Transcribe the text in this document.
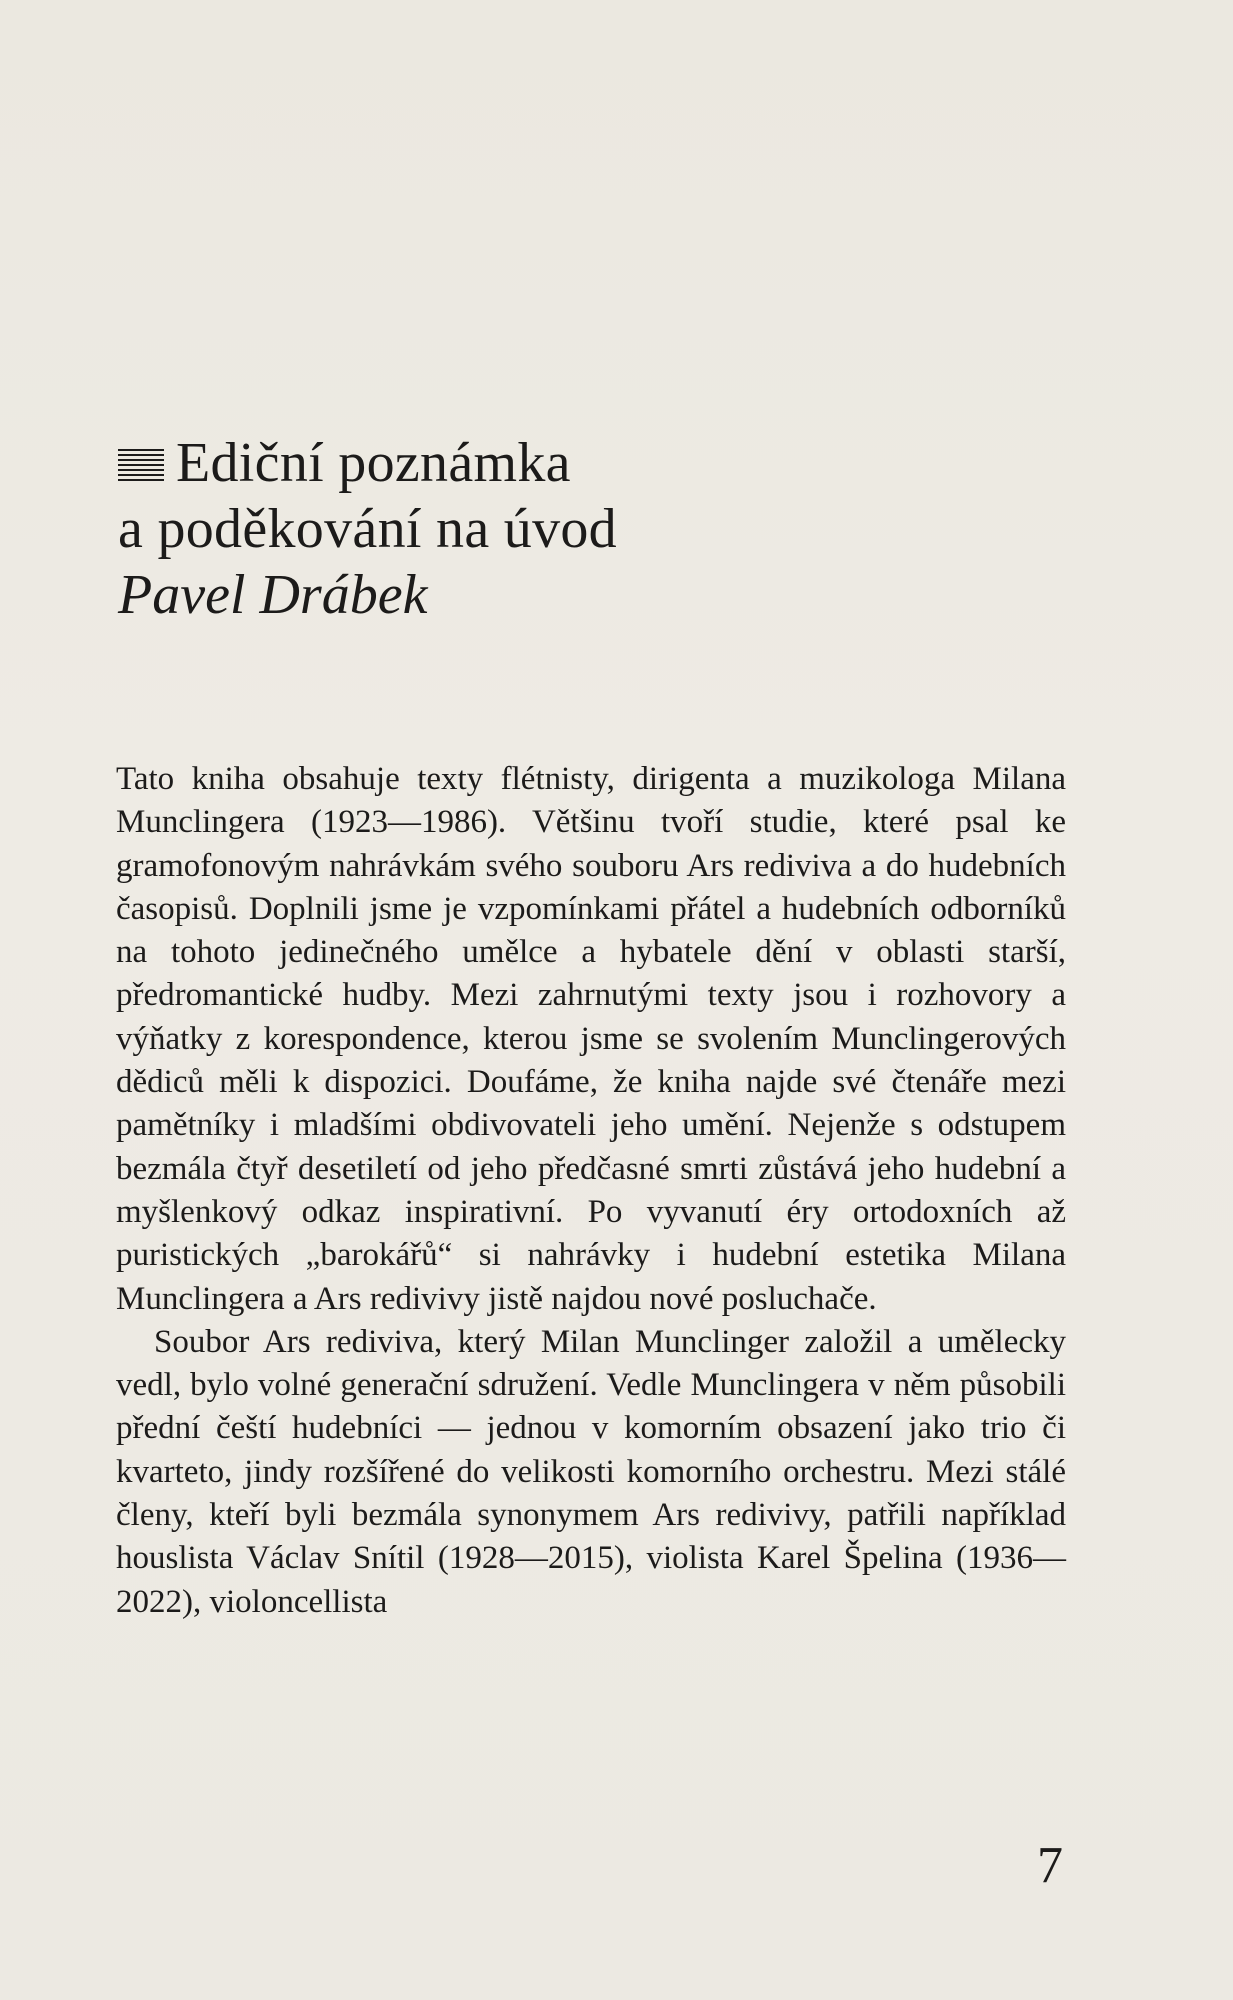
Ediční poznámka
a poděkování na úvod
Pavel Drábek

Tato kniha obsahuje texty flétnisty, dirigenta a muzikologa Milana Munclingera (1923—1986). Většinu tvoří studie, které psal ke gramofonovým nahrávkám svého souboru Ars rediviva a do hudebních časopisů. Doplnili jsme je vzpomínkami přátel a hudebních odborníků na tohoto jedinečného umělce a hybatele dění v oblasti starší, předromantické hudby. Mezi zahrnutými texty jsou i rozhovory a výňatky z korespondence, kterou jsme se svolením Munclingerových dědiců měli k dispozici. Doufáme, že kniha najde své čtenáře mezi pamětníky i mladšími obdivovateli jeho umění. Nejenže s odstupem bezmála čtyř desetiletí od jeho předčasné smrti zůstává jeho hudební a myšlenkový odkaz inspirativní. Po vyvanutí éry ortodoxních až puristických „barokářů“ si nahrávky i hudební estetika Milana Munclingera a Ars redivivy jistě najdou nové posluchače.

Soubor Ars rediviva, který Milan Munclinger založil a umělecky vedl, bylo volné generační sdružení. Vedle Munclingera v něm působili přední čeští hudebníci — jednou v komorním obsazení jako trio či kvarteto, jindy rozšířené do velikosti komorního orchestru. Mezi stálé členy, kteří byli bezmála synonymem Ars redivivy, patřili například houslista Václav Snítil (1928—2015), violista Karel Špelina (1936—2022), violoncellista

7
